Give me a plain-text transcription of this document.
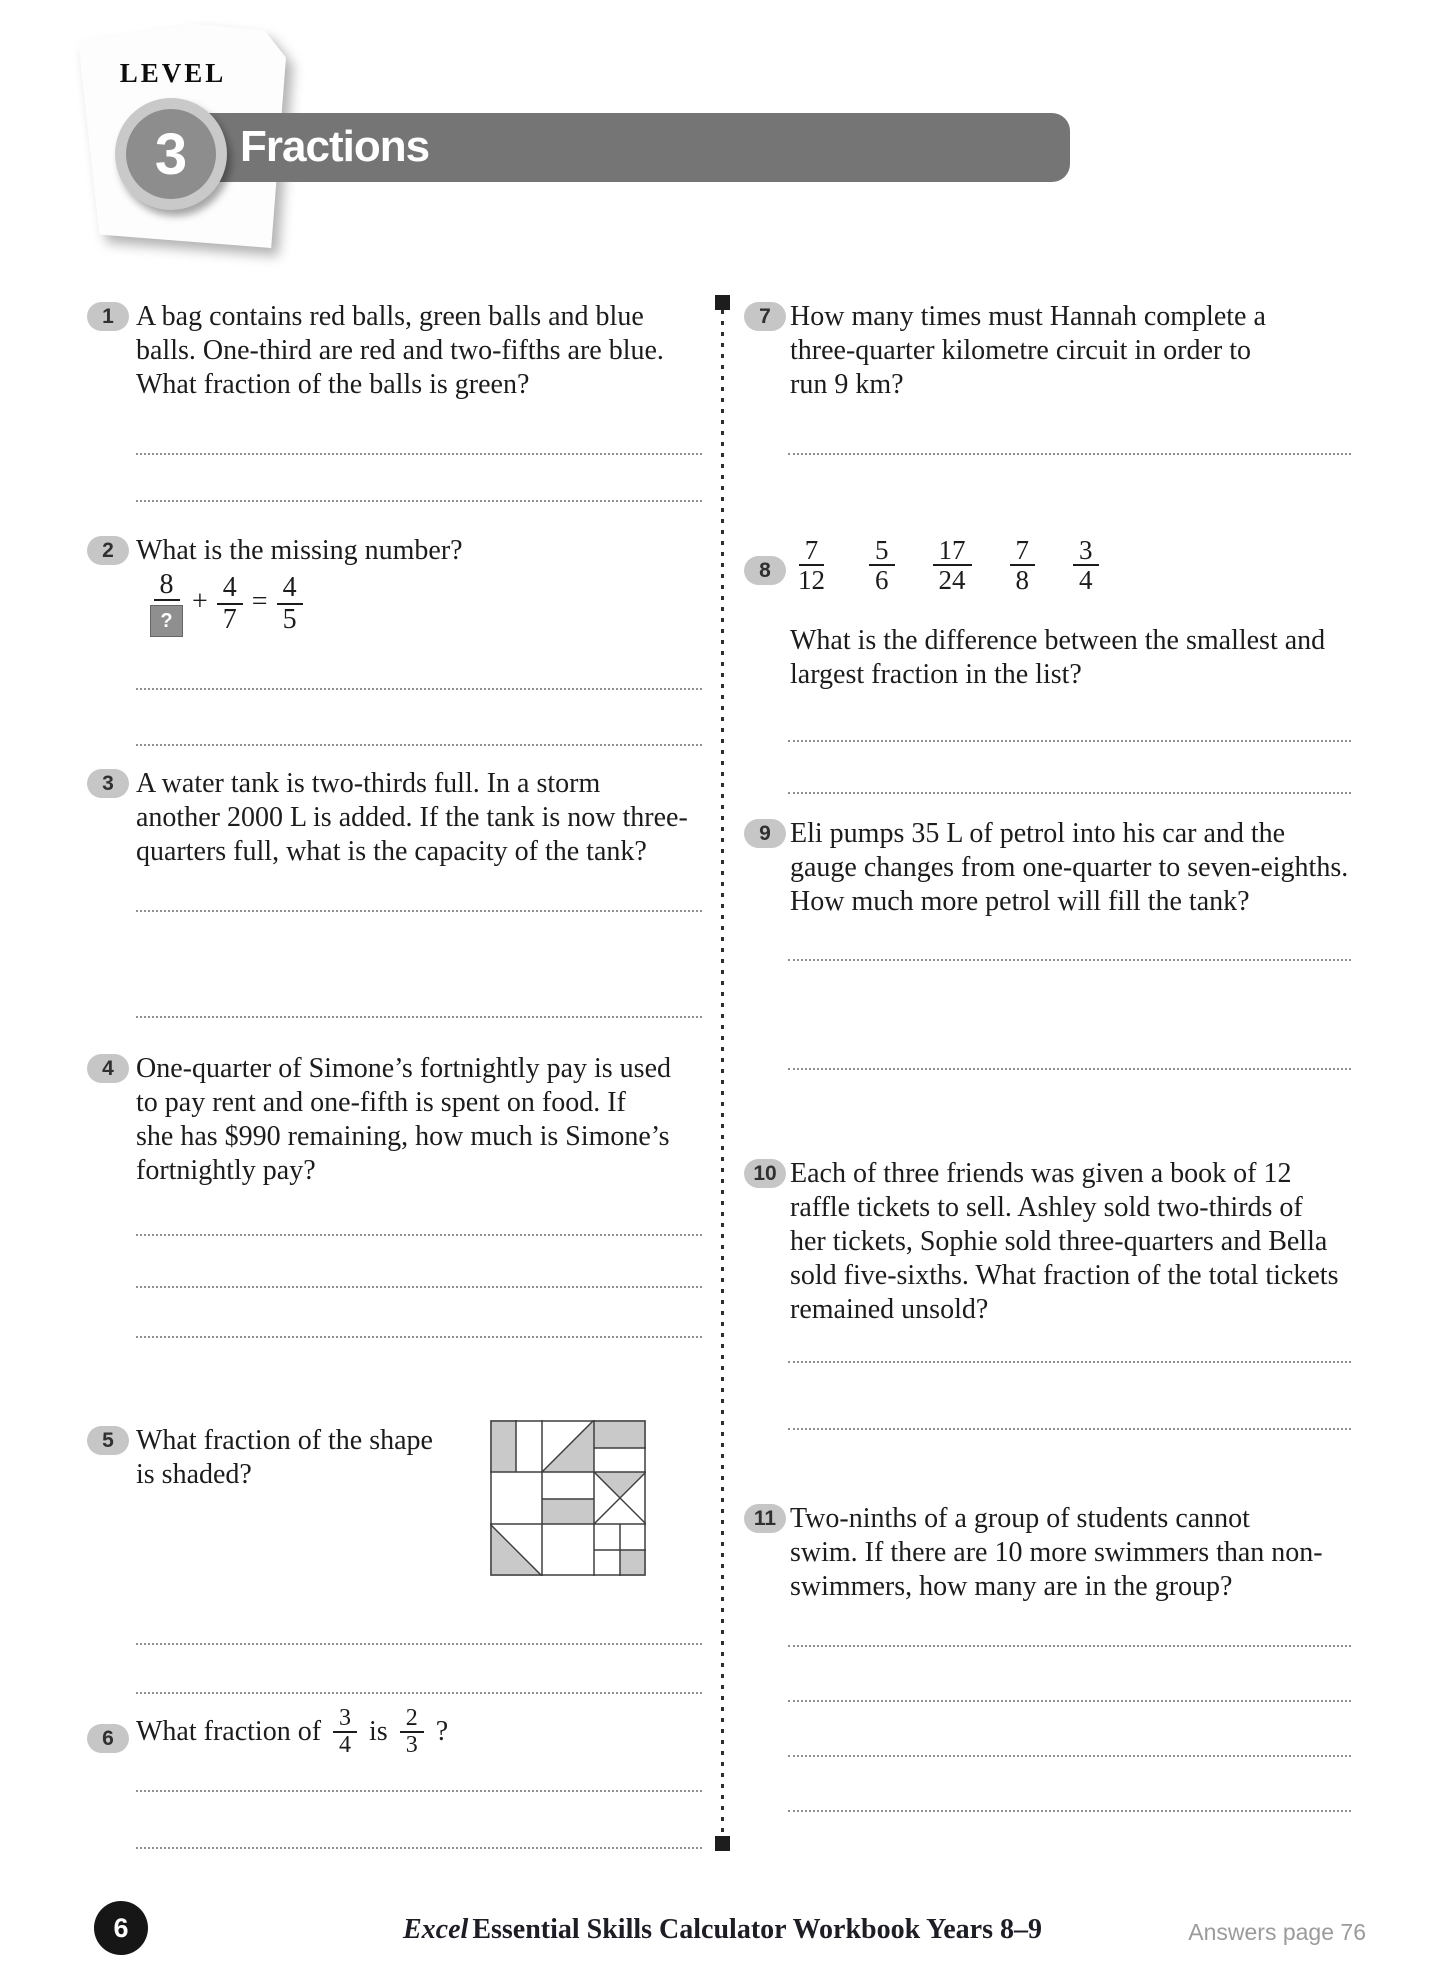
LEVEL
Fractions
3
1 A bag contains red balls, green balls and blue
balls. One-third are red and two-fifths are blue.
What fraction of the balls is green?
2 What is the missing number?
$\frac{8}{?} + \frac{4}{7} = \frac{4}{5}$
3 A water tank is two-thirds full. In a storm
another 2000 L is added. If the tank is now three-
quarters full, what is the capacity of the tank?
4 One-quarter of Simone’s fortnightly pay is used
to pay rent and one-fifth is spent on food. If
she has $990 remaining, how much is Simone’s
fortnightly pay?
5 What fraction of the shape
is shaded?
6 What fraction of $\frac{3}{4}$ is $\frac{2}{3}$ ?
7 How many times must Hannah complete a
three-quarter kilometre circuit in order to
run 9 km?
$8 \frac{7}{12} \frac{5}{6} \frac{17}{24} \frac{7}{8} \frac{3}{4}$
What is the difference between the smallest and
largest fraction in the list?
9 Eli pumps 35 L of petrol into his car and the
gauge changes from one-quarter to seven-eighths.
How much more petrol will fill the tank?
10 Each of three friends was given a book of 12
raffle tickets to sell. Ashley sold two-thirds of
her tickets, Sophie sold three-quarters and Bella
sold five-sixths. What fraction of the total tickets
remained unsold?
11 Two-ninths of a group of students cannot
swim. If there are 10 more swimmers than non-
swimmers, how many are in the group?
6	Excel Essential Skills Calculator Workbook Years 8–9	Answers page 76
